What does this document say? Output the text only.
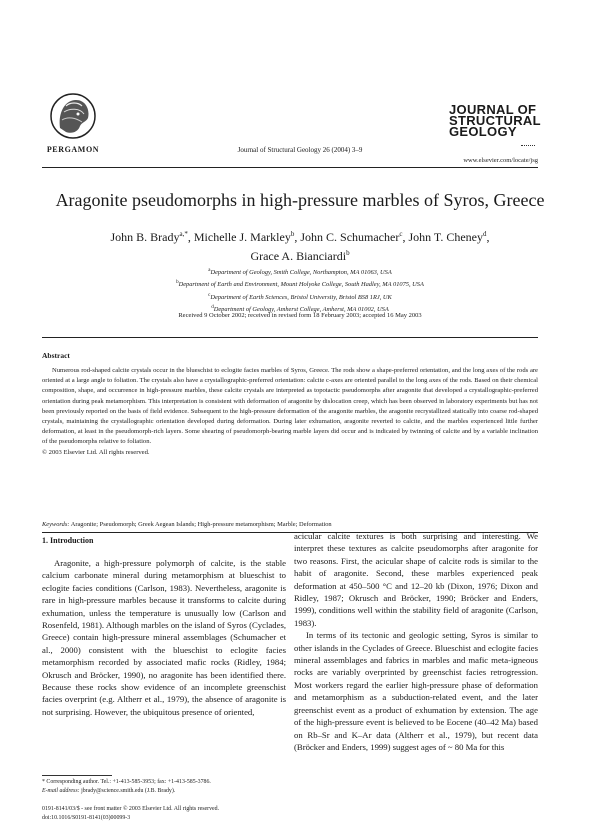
PERGAMON	Journal of Structural Geology 26 (2004) 3–9
JOURNAL OF
STRUCTURAL
GEOLOGY
www.elsevier.com/locate/jsg
Aragonite pseudomorphs in high-pressure marbles of Syros, Greece
John B. Brady$^{a,*}$, Michelle J. Markley$^b$, John C. Schumacher$^c$, John T. Cheney$^d$,
Grace A. Bianciardi$^b$
$^a$Department of Geology, Smith College, Northampton, MA 01063, USA
$^b$Department of Earth and Environment, Mount Holyoke College, South Hadley, MA 01075, USA
$^c$Department of Earth Sciences, Bristol University, Bristol BS8 1RJ, UK
$^d$Department of Geology, Amherst College, Amherst, MA 01002, USA
Received 9 October 2002; received in revised form 18 February 2003; accepted 16 May 2003
Abstract
Numerous rod-shaped calcite crystals occur in the blueschist to eclogite facies marbles of Syros, Greece. The rods show a shape-preferred orientation, and the long axes of the rods are oriented at a large angle to foliation. The crystals also have a crystallographic-preferred orientation: calcite c-axes are oriented parallel to the long axes of the rods. Based on their chemical composition, shape, and occurrence in high-pressure marbles, these calcite crystals are interpreted as topotactic pseudomorphs after aragonite that developed a crystallographic-preferred orientation during peak metamorphism. This interpretation is consistent with deformation of aragonite by dislocation creep, which has been observed in laboratory experiments but has not been previously reported on the basis of field evidence. Subsequent to the high-pressure deformation of the aragonite marbles, the aragonite recrystallized statically into coarse rod-shaped crystals, maintaining the crystallographic orientation developed during deformation. During later exhumation, aragonite reverted to calcite, and the marbles experienced little further deformation, at least in the pseudomorph-rich layers. Some shearing of pseudomorph-bearing marble layers did occur and is indicated by twinning of calcite and by a variable inclination of the pseudomorphs relative to foliation.
© 2003 Elsevier Ltd. All rights reserved.
Keywords: Aragonite; Pseudomorph; Greek Aegean Islands; High-pressure metamorphism; Marble; Deformation
1. Introduction

Aragonite, a high-pressure polymorph of calcite, is the stable calcium carbonate mineral during metamorphism at blueschist to eclogite facies conditions (Carlson, 1983). Nevertheless, aragonite is rare in high-pressure marbles because it transforms to calcite during exhumation, unless the temperature is unusually low (Carlson and Rosenfeld, 1981). Although marbles on the island of Syros (Cyclades, Greece) contain high-pressure mineral assemblages (Schumacher et al., 2000) consistent with the blueschist to eclogite facies metamorphism recorded by associated mafic rocks (Ridley, 1984; Okrusch and Bröcker, 1990), no aragonite has been identified there. Because these rocks show evidence of an incomplete greenschist facies overprint (e.g. Altherr et al., 1979), the absence of aragonite is not surprising. However, the ubiquitous presence of oriented,

acicular calcite textures is both surprising and interesting. We interpret these textures as calcite pseudomorphs after aragonite for two reasons. First, the acicular shape of calcite rods is similar to the habit of aragonite. Second, these marbles experienced peak deformation at 450–500 °C and 12–20 kb (Dixon, 1976; Dixon and Ridley, 1987; Okrusch and Bröcker, 1990; Bröcker and Enders, 1999), conditions well within the stability field of aragonite (Carlson, 1983).

In terms of its tectonic and geologic setting, Syros is similar to other islands in the Cyclades of Greece. Blueschist and eclogite facies mineral assemblages and fabrics in marbles and mafic meta-igneous rocks are variably overprinted by greenschist facies retrogression. Most workers regard the earlier high-pressure phase of deformation and metamorphism as a subduction-related event, and the later greenschist event as a product of exhumation by extension. The age of the high-pressure event is believed to be Eocene (40–42 Ma) based on Rb–Sr and K–Ar data (Altherr et al., 1979), but recent data (Bröcker and Enders, 1999) suggest ages of ~ 80 Ma for this

* Corresponding author. Tel.: +1-413-585-3953; fax: +1-413-585-3786.
E-mail address: jbrady@science.smith.edu (J.B. Brady).
0191-8141/03/$ - see front matter © 2003 Elsevier Ltd. All rights reserved.
doi:10.1016/S0191-8141(03)00099-3
